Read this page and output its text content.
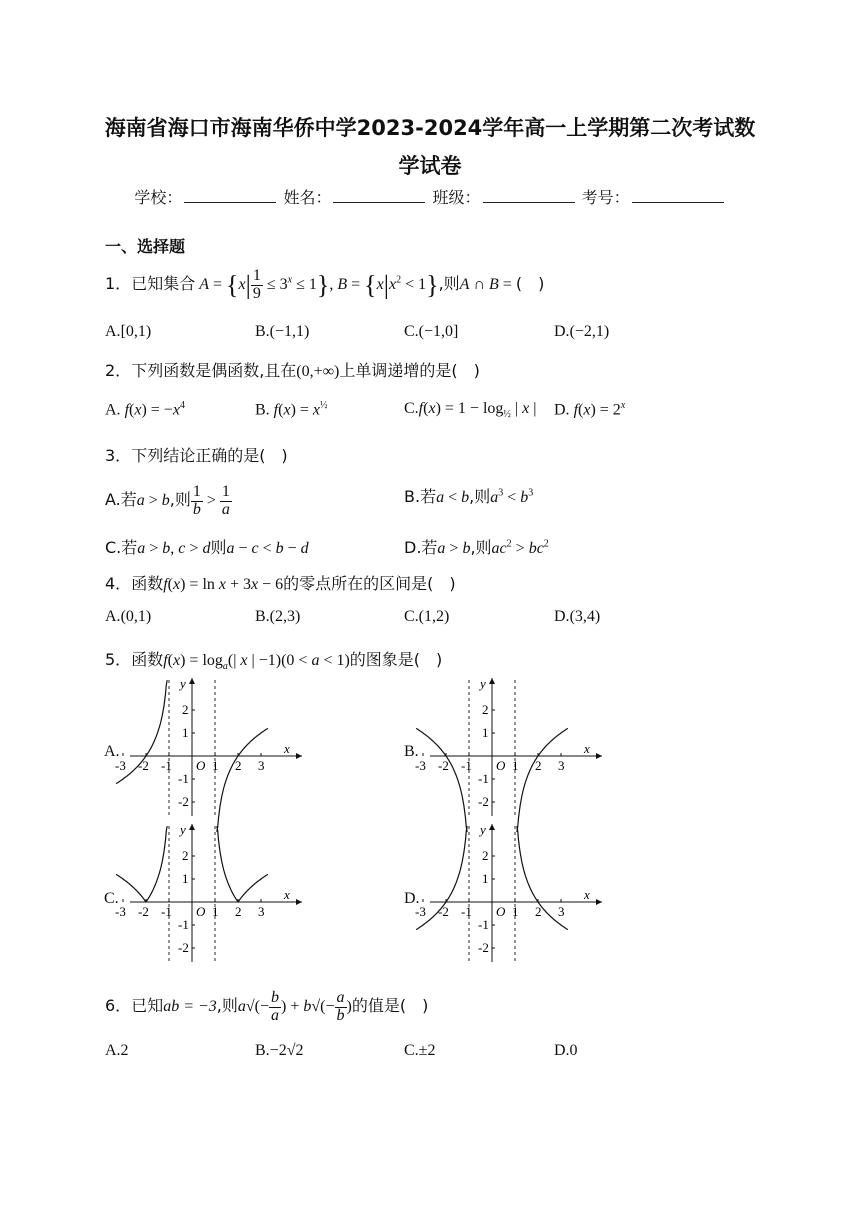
海南省海口市海南华侨中学2023-2024学年高一上学期第二次考试数
学试卷
学校：	姓名：	班级：	考号：
一、选择题
1．已知集合 $A = \{x| \frac{1}{9} \le 3^x \le 1\}$, $B = \{x|x^2 < 1\}$,则A ∩ B = (　)
A.[0,1)	B.(−1,1)	C.(−1,0]	D.(−2,1)
2．下列函数是偶函数,且在(0,+∞)上单调递增的是(　)
A. $f(x) = -x^4$	B. $f(x) = x^{\frac{1}{2}}$	$C.f(x) = 1 - \log_{\frac{1}{2}}$ | x | D. $f(x) = 2^x$
3．下列结论正确的是(　)
A.若a > b,则 $\frac{1}{b} > \frac{1}{a}$	B.若a < b,则$a^3 < b^3$
C.若a > b, c > d则a − c < b − d	D.若a > b,则$ac^2 > bc^2$
4．函数f(x) = ln x + 3x − 6的零点所在的区间是(　)
A.(0,1)	B.(2,3)	C.(1,2)	D.(3,4)
5．函数$f(x) = \log_a(|$ x | −1)(0 < a < 1)的图象是(　)
A.	B.
C.	D.
-3 -2 -1	1 2 3
2
1
-1
-2
O
x
y
-3 -2 -1	1 2 3
2
1
-1
-2
O
x
y
-3 -2 -1	1 2 3
2
1
-1
-2
O
x
y
-3 -2 -1	1 2 3
2
1
-1
-2
O
x
y
6．已知ab = −3,则$a√(- \frac{b}{a}$ ) + $b√(- \frac{a}{b}$ )的值是(　)
A.2	B.−2√2	C.±2	D.0
